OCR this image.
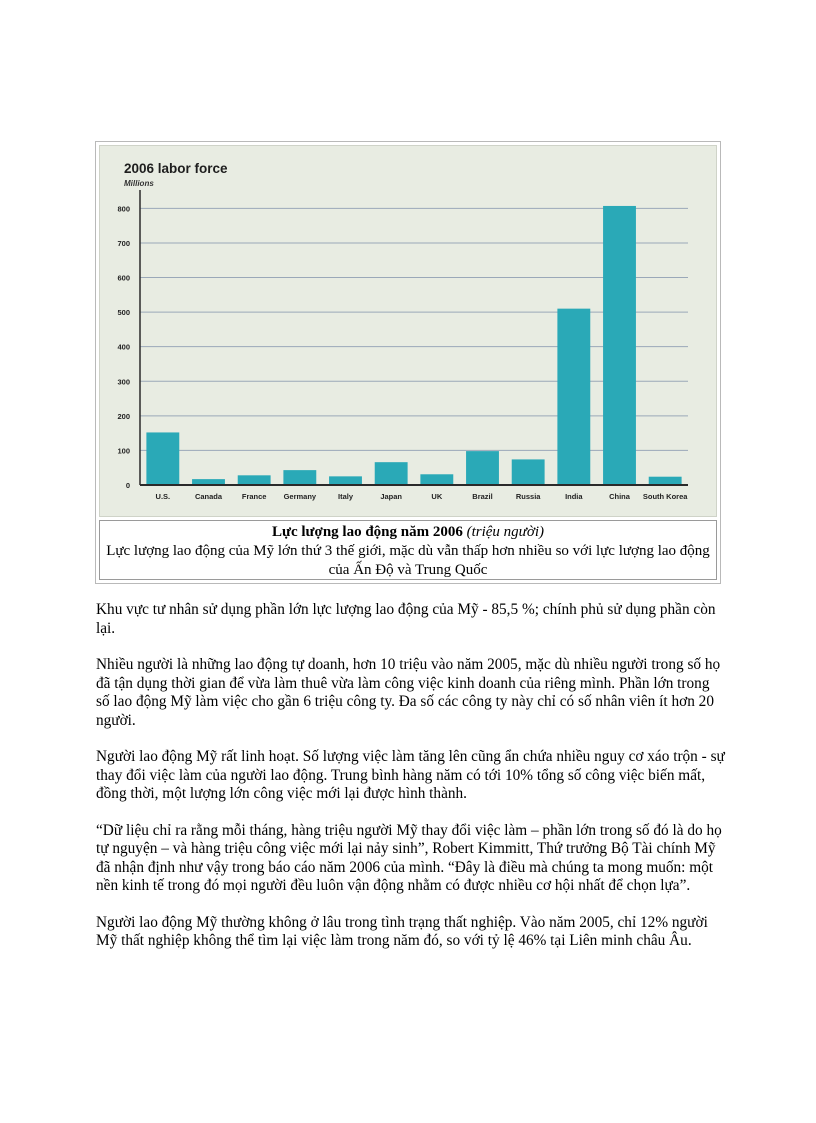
2006 labor force
Millions
0
100
200
300
400
500
600
700
800
U.S.	Canada	France Germany	Italy	Japan	UK	Brazil	Russia	India	China South Korea
Lực lượng lao động năm 2006 (triệu người)
Lực lượng lao động của Mỹ lớn thứ 3 thế giới, mặc dù vẫn thấp hơn nhiều so với lực lượng lao động của Ấn Độ và Trung Quốc

Khu vực tư nhân sử dụng phần lớn lực lượng lao động của Mỹ - 85,5 %; chính phủ sử dụng phần còn lại.

Nhiều người là những lao động tự doanh, hơn 10 triệu vào năm 2005, mặc dù nhiều người trong số họ đã tận dụng thời gian để vừa làm thuê vừa làm công việc kinh doanh của riêng mình. Phần lớn trong số lao động Mỹ làm việc cho gần 6 triệu công ty. Đa số các công ty này chỉ có số nhân viên ít hơn 20 người.

Người lao động Mỹ rất linh hoạt. Số lượng việc làm tăng lên cũng ẩn chứa nhiều nguy cơ xáo trộn - sự thay đổi việc làm của người lao động. Trung bình hàng năm có tới 10% tổng số công việc biến mất, đồng thời, một lượng lớn công việc mới lại được hình thành.

“Dữ liệu chỉ ra rằng mỗi tháng, hàng triệu người Mỹ thay đổi việc làm – phần lớn trong số đó là do họ tự nguyện – và hàng triệu công việc mới lại nảy sinh”, Robert Kimmitt, Thứ trưởng Bộ Tài chính Mỹ đã nhận định như vậy trong báo cáo năm 2006 của mình. “Đây là điều mà chúng ta mong muốn: một nền kinh tế trong đó mọi người đều luôn vận động nhằm có được nhiều cơ hội nhất để chọn lựa”.

Người lao động Mỹ thường không ở lâu trong tình trạng thất nghiệp. Vào năm 2005, chỉ 12% người Mỹ thất nghiệp không thể tìm lại việc làm trong năm đó, so với tỷ lệ 46% tại Liên minh châu Âu.
